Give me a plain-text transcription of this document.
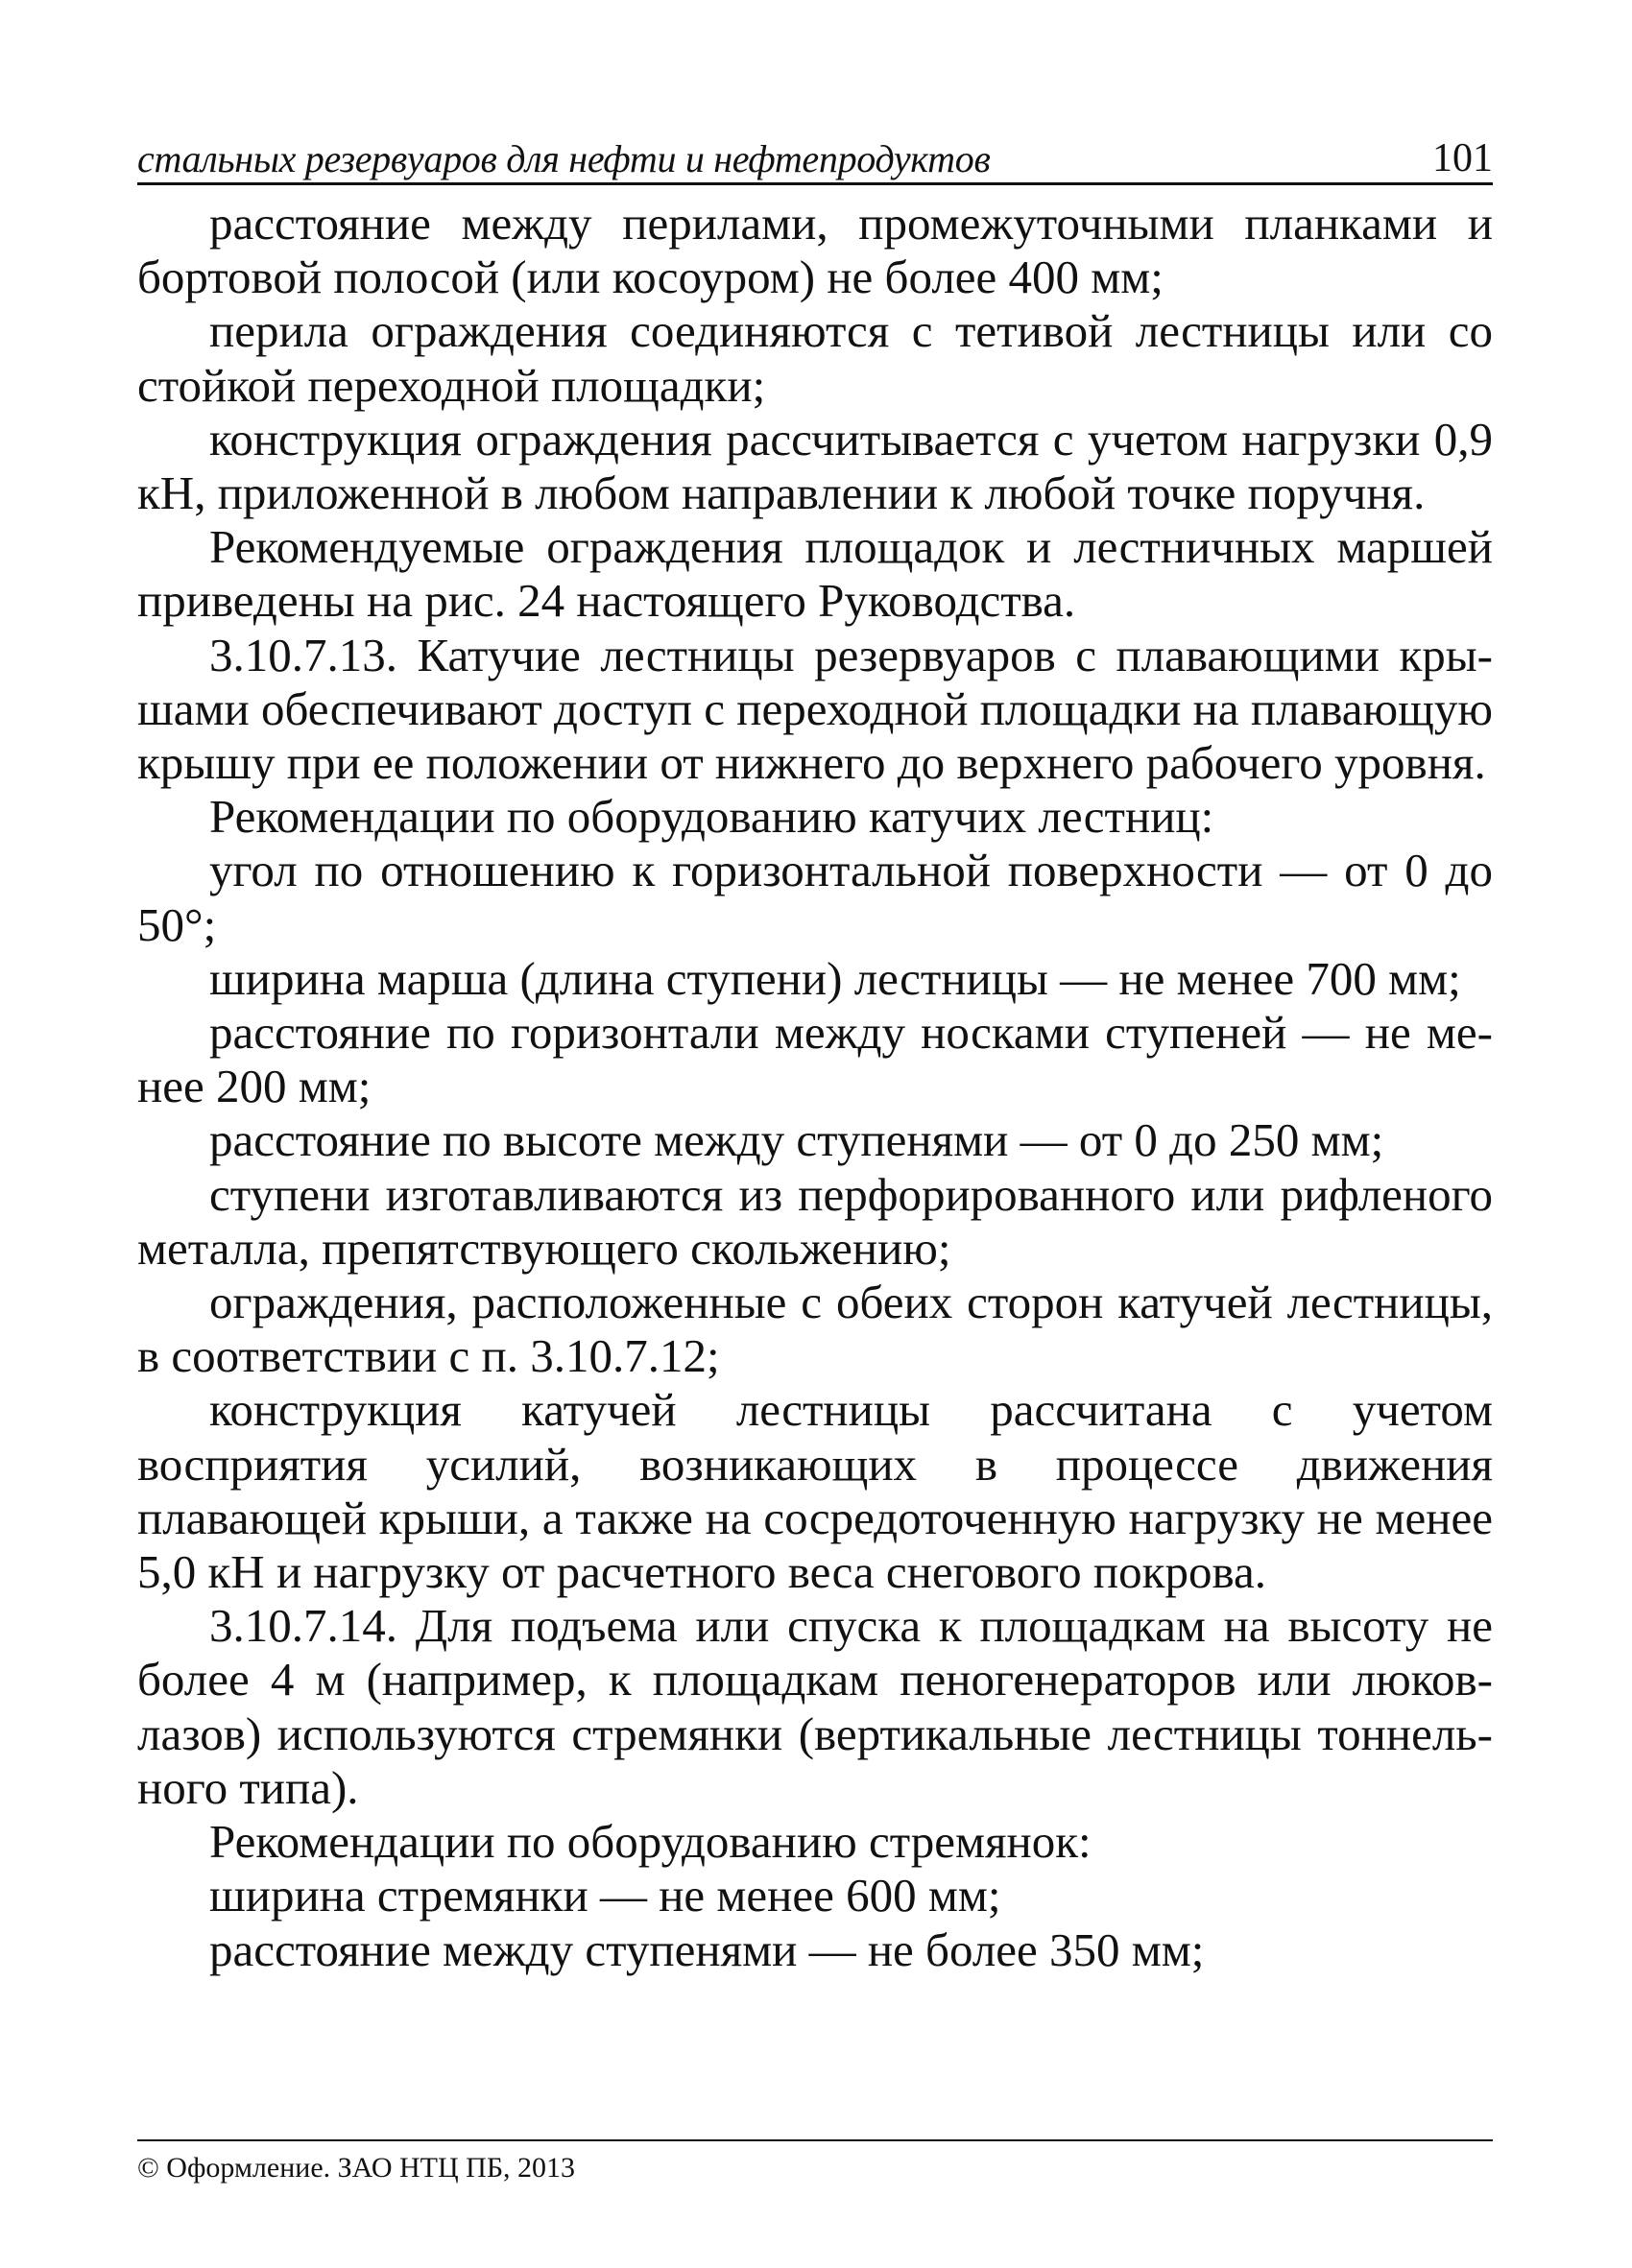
стальных резервуаров для нефти и нефтепродуктов	101

расстояние между перилами, промежуточными планками и бортовой полосой (или косоуром) не более 400 мм;

перила ограждения соединяются с тетивой лестницы или со стойкой переходной площадки;

конструкция ограждения рассчитывается с учетом нагрузки 0,9 кН, приложенной в любом направлении к любой точке поручня.

Рекомендуемые ограждения площадок и лестничных маршей приведены на рис. 24 настоящего Руководства.

3.10.7.13. Катучие лестницы резервуаров с плавающими крышами обеспечивают доступ с переходной площадки на плавающую крышу при ее положении от нижнего до верхнего рабочего уровня.

Рекомендации по оборудованию катучих лестниц:

угол по отношению к горизонтальной поверхности — от 0 до 50°;

ширина марша (длина ступени) лестницы — не менее 700 мм;

расстояние по горизонтали между носками ступеней — не менее 200 мм;

расстояние по высоте между ступенями — от 0 до 250 мм;

ступени изготавливаются из перфорированного или рифленого металла, препятствующего скольжению;

ограждения, расположенные с обеих сторон катучей лестницы, в соответствии с п. 3.10.7.12;

конструкция катучей лестницы рассчитана с учетом восприятия усилий, возникающих в процессе движения плавающей крыши, а также на сосредоточенную нагрузку не менее 5,0 кН и нагрузку от расчетного веса снегового покрова.

3.10.7.14. Для подъема или спуска к площадкам на высоту не более 4 м (например, к площадкам пеногенераторов или люков-лазов) используются стремянки (вертикальные лестницы тоннельного типа).

Рекомендации по оборудованию стремянок:

ширина стремянки — не менее 600 мм;

расстояние между ступенями — не более 350 мм;

© Оформление. ЗАО НТЦ ПБ, 2013
